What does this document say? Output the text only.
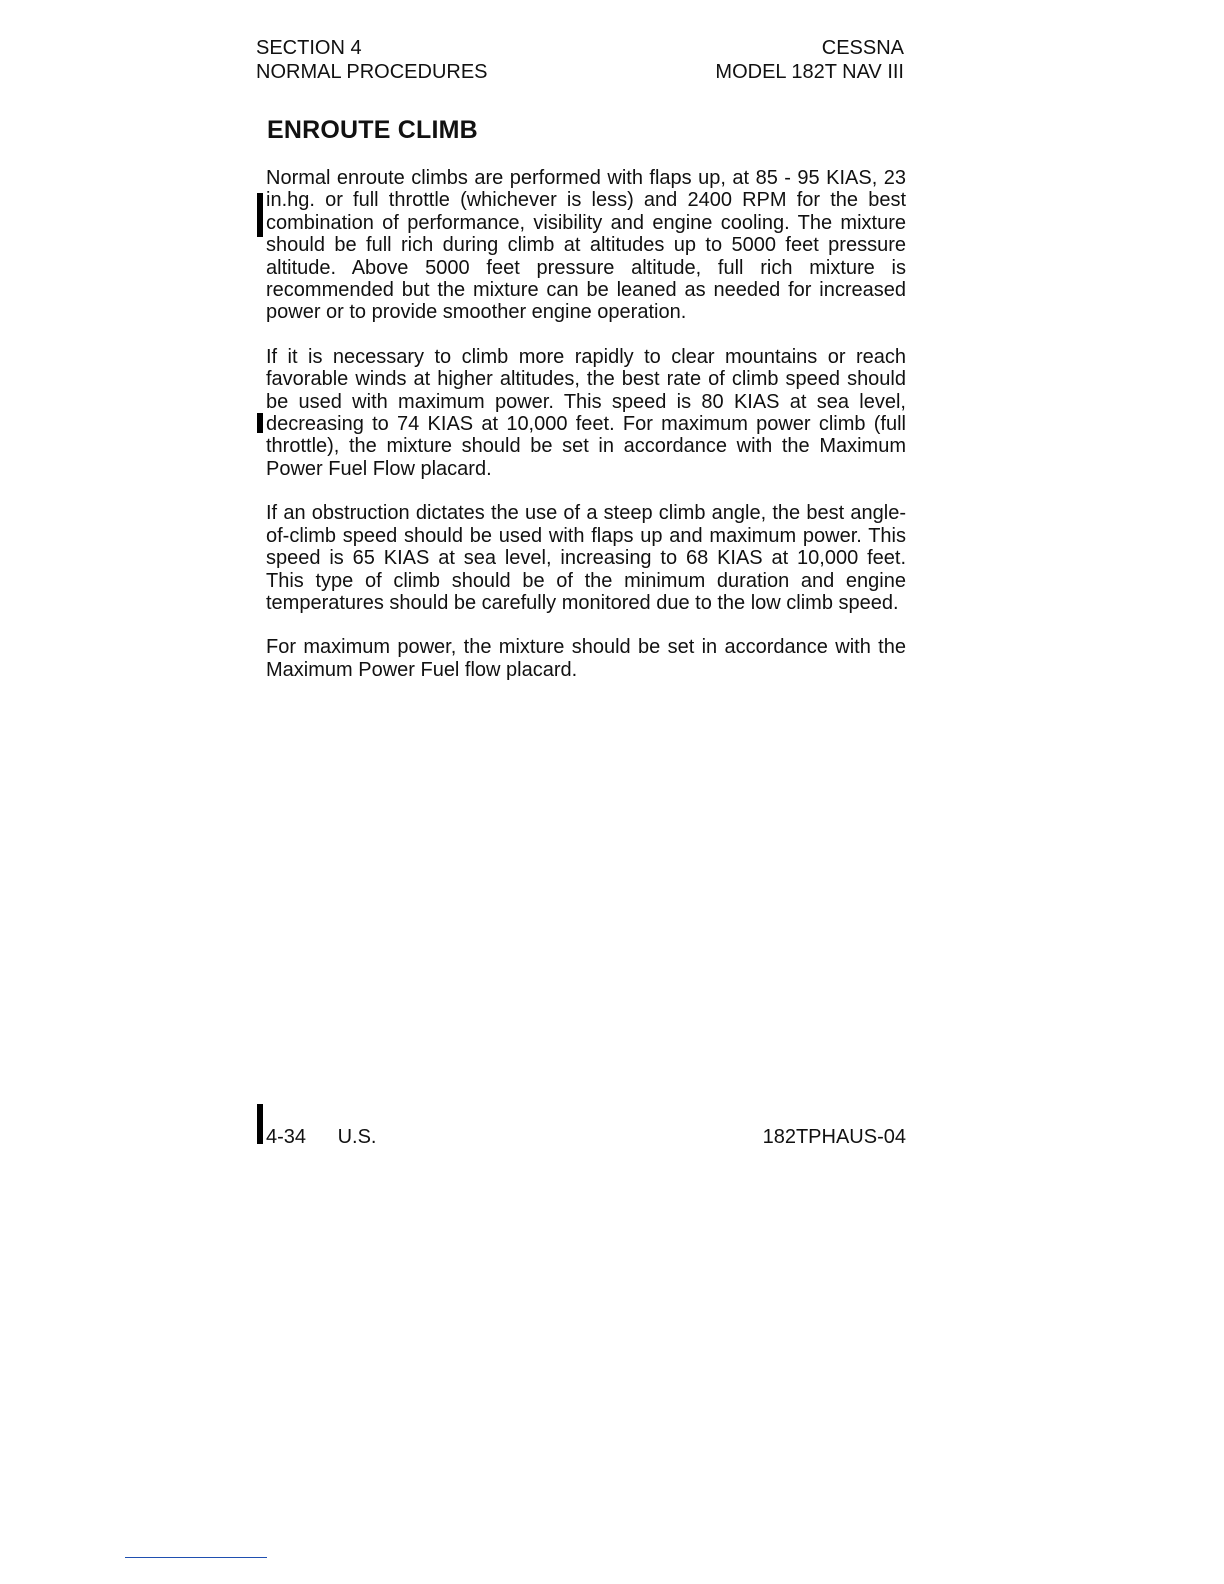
SECTION 4
NORMAL PROCEDURES
CESSNA
MODEL 182T NAV III
ENROUTE CLIMB

Normal enroute climbs are performed with flaps up, at 85 - 95 KIAS, 23 in.hg. or full throttle (whichever is less) and 2400 RPM for the best combination of performance, visibility and engine cooling. The mixture should be full rich during climb at altitudes up to 5000 feet pressure altitude. Above 5000 feet pressure altitude, full rich mixture is recommended but the mixture can be leaned as needed for increased power or to provide smoother engine operation.

If it is necessary to climb more rapidly to clear mountains or reach favorable winds at higher altitudes, the best rate of climb speed should be used with maximum power. This speed is 80 KIAS at sea level, decreasing to 74 KIAS at 10,000 feet. For maximum power climb (full throttle), the mixture should be set in accordance with the Maximum Power Fuel Flow placard.

If an obstruction dictates the use of a steep climb angle, the best angle-of-climb speed should be used with flaps up and maximum power. This speed is 65 KIAS at sea level, increasing to 68 KIAS at 10,000 feet. This type of climb should be of the minimum duration and engine temperatures should be carefully monitored due to the low climb speed.

For maximum power, the mixture should be set in accordance with the Maximum Power Fuel flow placard.

4-34 U.S.	182TPHAUS-04
